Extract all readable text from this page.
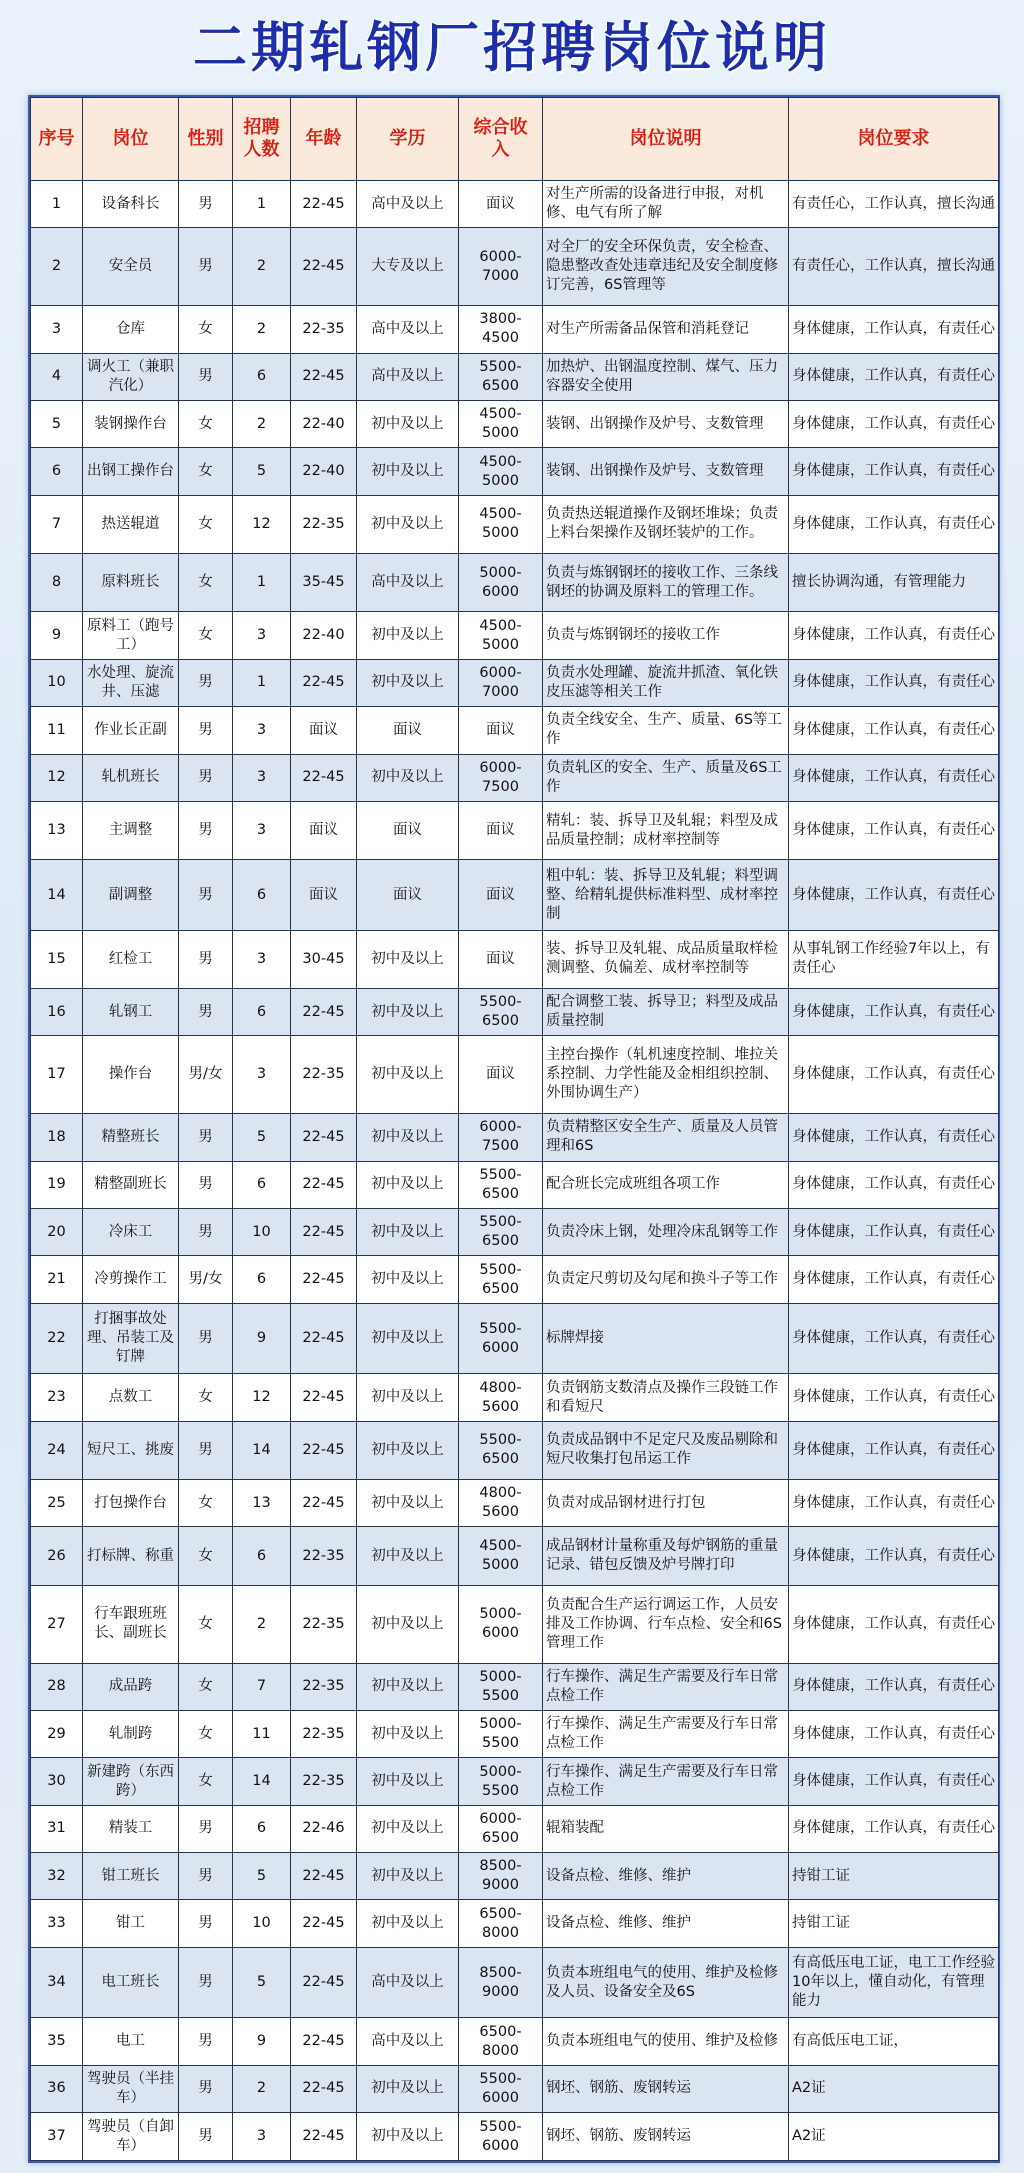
二期轧钢厂招聘岗位说明
序号	岗位	性别	招聘人数	年龄	学历	综合收入	岗位说明	岗位要求
1	设备科长	男	1	22-45	高中及以上	面议	对生产所需的设备进行申报，对机修、电气有所了解	有责任心，工作认真，擅长沟通
2	安全员	男	2	22-45	大专及以上	6000-7000	对全厂的安全环保负责，安全检查、隐患整改查处违章违纪及安全制度修订完善，6S管理等	有责任心，工作认真，擅长沟通
3	仓库	女	2	22-35	高中及以上	3800-4500	对生产所需备品保管和消耗登记	身体健康，工作认真，有责任心
4	调火工（兼职汽化）	男	6	22-45	高中及以上	5500-6500	加热炉、出钢温度控制、煤气、压力容器安全使用	身体健康，工作认真，有责任心
5	装钢操作台	女	2	22-40	初中及以上	4500-5000	装钢、出钢操作及炉号、支数管理	身体健康，工作认真，有责任心
6	出钢工操作台	女	5	22-40	初中及以上	4500-5000	装钢、出钢操作及炉号、支数管理	身体健康，工作认真，有责任心
7	热送辊道	女	12	22-35	初中及以上	4500-5000	负责热送辊道操作及钢坯堆垛；负责上料台架操作及钢坯装炉的工作。	身体健康，工作认真，有责任心
8	原料班长	女	1	35-45	高中及以上	5000-6000	负责与炼钢钢坯的接收工作、三条线钢坯的协调及原料工的管理工作。	擅长协调沟通，有管理能力
9	原料工（跑号工）	女	3	22-40	初中及以上	4500-5000	负责与炼钢钢坯的接收工作	身体健康，工作认真，有责任心
10	水处理、旋流井、压滤	男	1	22-45	初中及以上	6000-7000	负责水处理罐、旋流井抓渣、氧化铁皮压滤等相关工作	身体健康，工作认真，有责任心
11	作业长正副	男	3	面议	面议	面议	负责全线安全、生产、质量、6S等工作	身体健康，工作认真，有责任心
12	轧机班长	男	3	22-45	初中及以上	6000-7500	负责轧区的安全、生产、质量及6S工作	身体健康，工作认真，有责任心
13	主调整	男	3	面议	面议	面议	精轧：装、拆导卫及轧辊；料型及成品质量控制；成材率控制等	身体健康，工作认真，有责任心
14	副调整	男	6	面议	面议	面议	粗中轧：装、拆导卫及轧辊；料型调整、给精轧提供标准料型、成材率控制	身体健康，工作认真，有责任心
15	红检工	男	3	30-45	初中及以上	面议	装、拆导卫及轧辊、成品质量取样检测调整、负偏差、成材率控制等	从事轧钢工作经验7年以上，有责任心
16	轧钢工	男	6	22-45	初中及以上	5500-6500	配合调整工装、拆导卫；料型及成品质量控制	身体健康，工作认真，有责任心
17	操作台	男/女	3	22-35	初中及以上	面议	主控台操作（轧机速度控制、堆拉关系控制、力学性能及金相组织控制、外围协调生产）	身体健康，工作认真，有责任心
18	精整班长	男	5	22-45	初中及以上	6000-7500	负责精整区安全生产、质量及人员管理和6S	身体健康，工作认真，有责任心
19	精整副班长	男	6	22-45	初中及以上	5500-6500	配合班长完成班组各项工作	身体健康，工作认真，有责任心
20	冷床工	男	10	22-45	初中及以上	5500-6500	负责冷床上钢，处理冷床乱钢等工作	身体健康，工作认真，有责任心
21	冷剪操作工	男/女	6	22-45	初中及以上	5500-6500	负责定尺剪切及勾尾和换斗子等工作	身体健康，工作认真，有责任心
22	打捆事故处理、吊装工及钉牌	男	9	22-45	初中及以上	5500-6000	标牌焊接	身体健康，工作认真，有责任心
23	点数工	女	12	22-45	初中及以上	4800-5600	负责钢筋支数清点及操作三段链工作和看短尺	身体健康，工作认真，有责任心
24	短尺工、挑废	男	14	22-45	初中及以上	5500-6500	负责成品钢中不足定尺及废品剔除和短尺收集打包吊运工作	身体健康，工作认真，有责任心
25	打包操作台	女	13	22-45	初中及以上	4800-5600	负责对成品钢材进行打包	身体健康，工作认真，有责任心
26	打标牌、称重	女	6	22-35	初中及以上	4500-5000	成品钢材计量称重及每炉钢筋的重量记录、错包反馈及炉号牌打印	身体健康，工作认真，有责任心
27	行车跟班班长、副班长	女	2	22-35	初中及以上	5000-6000	负责配合生产运行调运工作，人员安排及工作协调、行车点检、安全和6S管理工作	身体健康，工作认真，有责任心
28	成品跨	女	7	22-35	初中及以上	5000-5500	行车操作、满足生产需要及行车日常点检工作	身体健康，工作认真，有责任心
29	轧制跨	女	11	22-35	初中及以上	5000-5500	行车操作、满足生产需要及行车日常点检工作	身体健康，工作认真，有责任心
30	新建跨（东西跨）	女	14	22-35	初中及以上	5000-5500	行车操作、满足生产需要及行车日常点检工作	身体健康，工作认真，有责任心
31	精装工	男	6	22-46	初中及以上	6000-6500	辊箱装配	身体健康，工作认真，有责任心
32	钳工班长	男	5	22-45	初中及以上	8500-9000	设备点检、维修、维护	持钳工证
33	钳工	男	10	22-45	初中及以上	6500-8000	设备点检、维修、维护	持钳工证
34	电工班长	男	5	22-45	高中及以上	8500-9000	负责本班组电气的使用、维护及检修及人员、设备安全及6S	有高低压电工证，电工工作经验10年以上，懂自动化，有管理能力
35	电工	男	9	22-45	高中及以上	6500-8000	负责本班组电气的使用、维护及检修	有高低压电工证，
36	驾驶员（半挂车）	男	2	22-45	初中及以上	5500-6000	钢坯、钢筋、废钢转运	A2证
37	驾驶员（自卸车）	男	3	22-45	初中及以上	5500-6000	钢坯、钢筋、废钢转运	A2证
